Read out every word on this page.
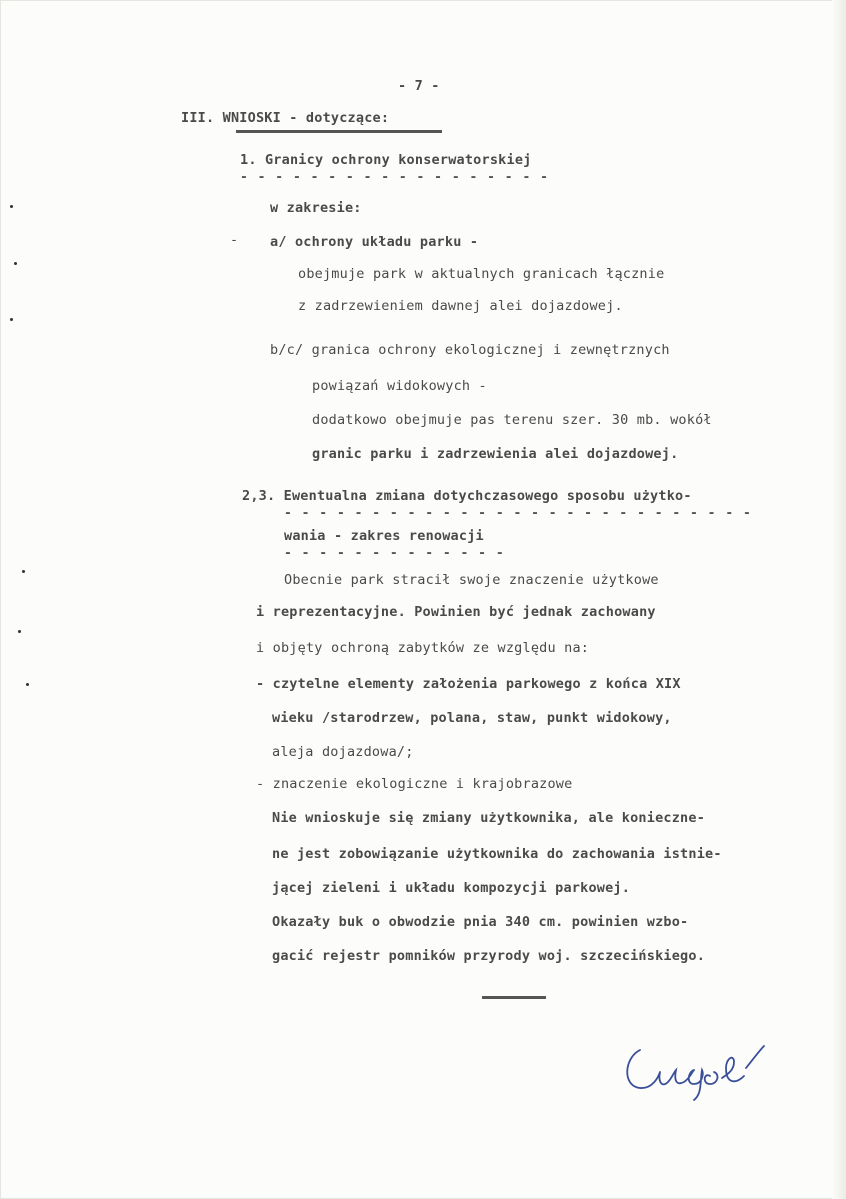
- 7 -
III. WNIOSKI - dotyczące:
1. Granicy ochrony konserwatorskiej
- - - - - - - - - - - - - - - - - -
w zakresie:
- a/ ochrony układu parku -
obejmuje park w aktualnych granicach łącznie
z zadrzewieniem dawnej alei dojazdowej.
b/c/ granica ochrony ekologicznej i zewnętrznych
powiązań widokowych -
dodatkowo obejmuje pas terenu szer. 30 mb. wokół
granic parku i zadrzewienia alei dojazdowej.
2,3. Ewentualna zmiana dotychczasowego sposobu użytko-
- - - - - - - - - - - - - - - - - - - - - - - - - - -
wania - zakres renowacji
- - - - - - - - - - - - -
Obecnie park stracił swoje znaczenie użytkowe
i reprezentacyjne. Powinien być jednak zachowany
i objęty ochroną zabytków ze względu na:
- czytelne elementy założenia parkowego z końca XIX
wieku /starodrzew, polana, staw, punkt widokowy,
aleja dojazdowa/;
- znaczenie ekologiczne i krajobrazowe
Nie wnioskuje się zmiany użytkownika, ale konieczne-
ne jest zobowiązanie użytkownika do zachowania istnie-
jącej zieleni i układu kompozycji parkowej.
Okazały buk o obwodzie pnia 340 cm. powinien wzbo-
gacić rejestr pomników przyrody woj. szczecińskiego.
